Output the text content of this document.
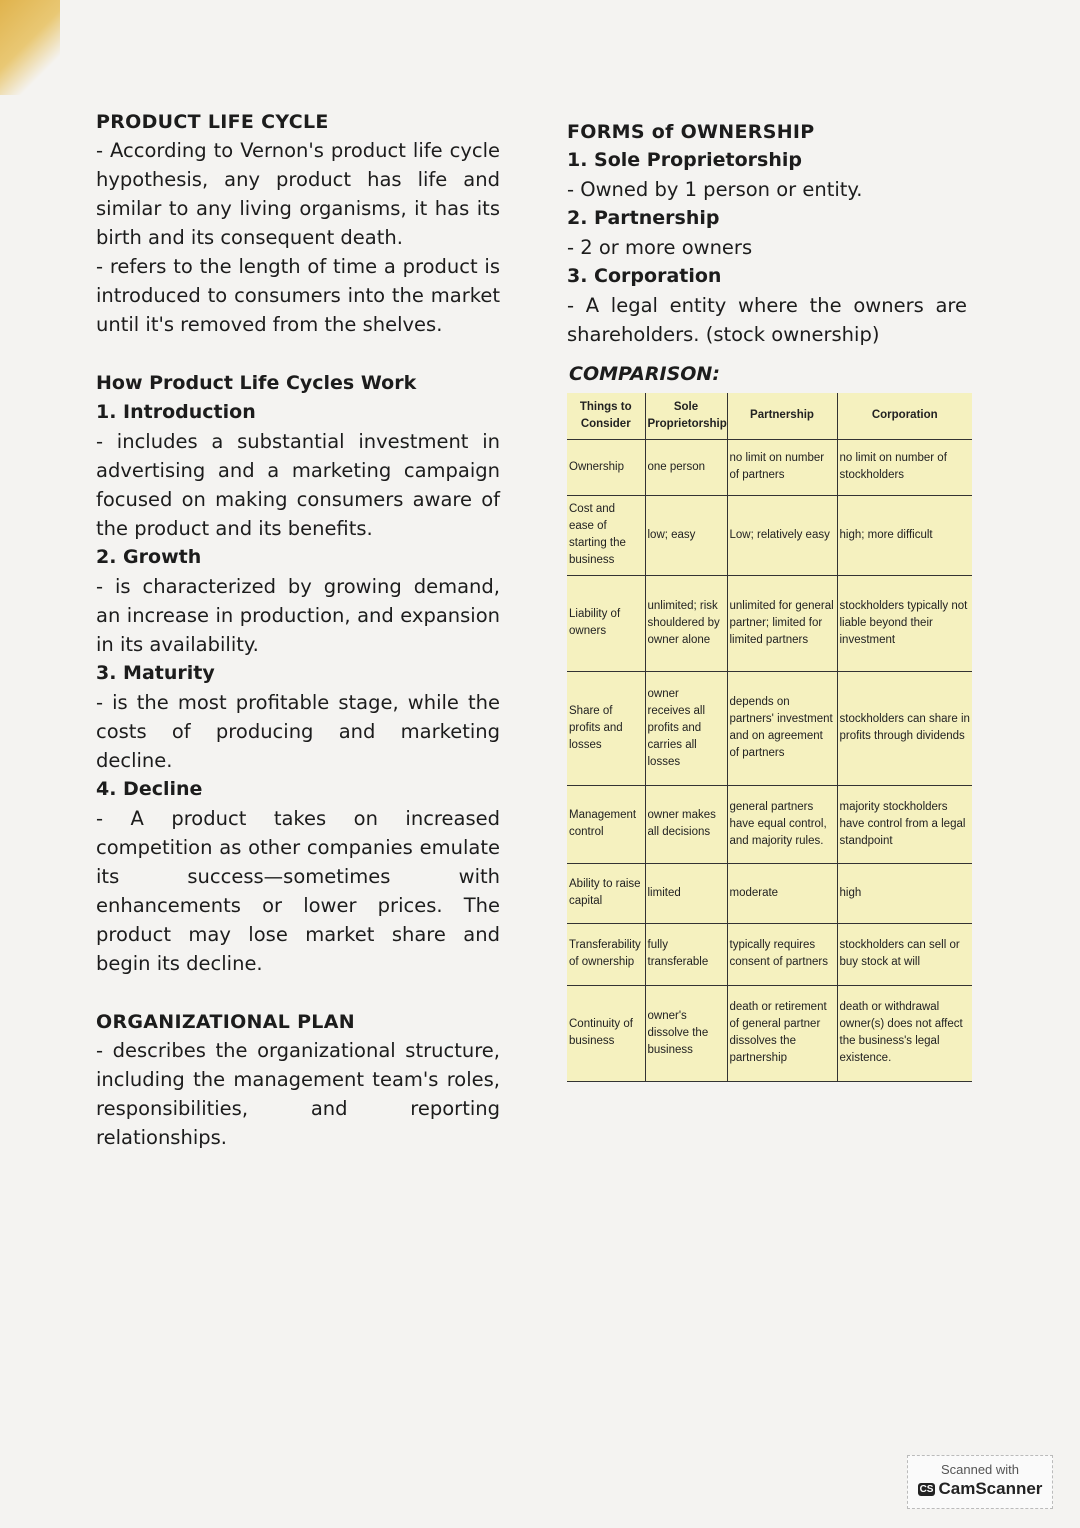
PRODUCT LIFE CYCLE

- According to Vernon's product life cycle hypothesis, any product has life and similar to any living organisms, it has its birth and its consequent death.

- refers to the length of time a product is introduced to consumers into the market until it's removed from the shelves.

How Product Life Cycles Work
1. Introduction

- includes a substantial investment in advertising and a marketing campaign focused on making consumers aware of the product and its benefits.

2. Growth

- is characterized by growing demand, an increase in production, and expansion in its availability.

3. Maturity

- is the most profitable stage, while the costs of producing and marketing decline.

4. Decline

- A product takes on increased competition as other companies emulate its success—sometimes with enhancements or lower prices. The product may lose market share and begin its decline.

ORGANIZATIONAL PLAN

- describes the organizational structure, including the management team's roles, responsibilities, and reporting relationships.

FORMS of OWNERSHIP
1. Sole Proprietorship

- Owned by 1 person or entity.

2. Partnership

- 2 or more owners

3. Corporation

- A legal entity where the owners are shareholders. (stock ownership)

COMPARISON:
Things to Consider	Sole Proprietorship	Partnership	Corporation
Ownership	one person	no limit on number of partners	no limit on number of stockholders
Cost and ease of starting the business	low; easy	Low; relatively easy	high; more difficult
Liability of owners	unlimited; risk shouldered by owner alone	unlimited for general partner; limited for limited partners	stockholders typically not liable beyond their investment
Share of profits and losses	owner receives all profits and carries all losses	depends on partners' investment and on agreement of partners	stockholders can share in profits through dividends
Management control	owner makes all decisions	general partners have equal control, and majority rules.	majority stockholders have control from a legal standpoint
Ability to raise capital	limited	moderate	high
Transferability of ownership	fully transferable	typically requires consent of partners	stockholders can sell or buy stock at will
Continuity of business	owner's dissolve the business	death or retirement of general partner dissolves the partnership	death or withdrawal owner(s) does not affect the business's legal existence.
Scanned with
CS CamScanner
